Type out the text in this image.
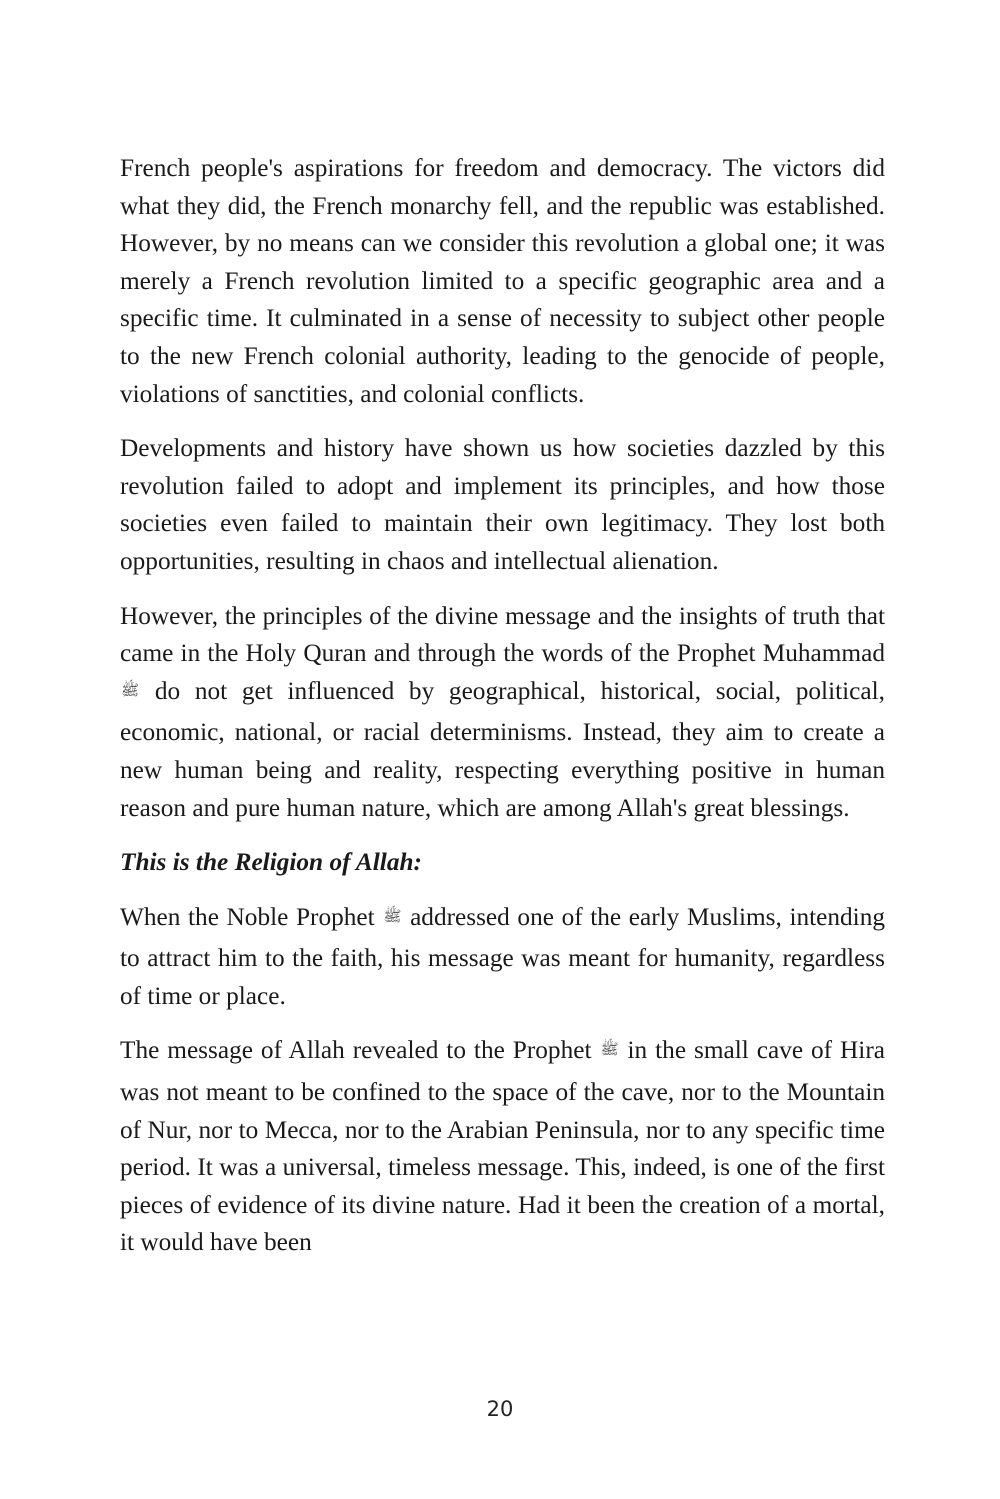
French people's aspirations for freedom and democracy. The victors did what they did, the French monarchy fell, and the republic was established. However, by no means can we consider this revolution a global one; it was merely a French revolution limited to a specific geographic area and a specific time. It culminated in a sense of necessity to subject other people to the new French colonial authority, leading to the genocide of people, violations of sanctities, and colonial conflicts.

Developments and history have shown us how societies dazzled by this revolution failed to adopt and implement its principles, and how those societies even failed to maintain their own legitimacy. They lost both opportunities, resulting in chaos and intellectual alienation.

However, the principles of the divine message and the insights of truth that came in the Holy Quran and through the words of the Prophet Muhammad ﷺ do not get influenced by geographical, historical, social, political, economic, national, or racial determinisms. Instead, they aim to create a new human being and reality, respecting everything positive in human reason and pure human nature, which are among Allah's great blessings.

This is the Religion of Allah:

When the Noble Prophet ﷺ addressed one of the early Muslims, intending to attract him to the faith, his message was meant for humanity, regardless of time or place.

The message of Allah revealed to the Prophet ﷺ in the small cave of Hira was not meant to be confined to the space of the cave, nor to the Mountain of Nur, nor to Mecca, nor to the Arabian Peninsula, nor to any specific time period. It was a universal, timeless message. This, indeed, is one of the first pieces of evidence of its divine nature. Had it been the creation of a mortal, it would have been

20
